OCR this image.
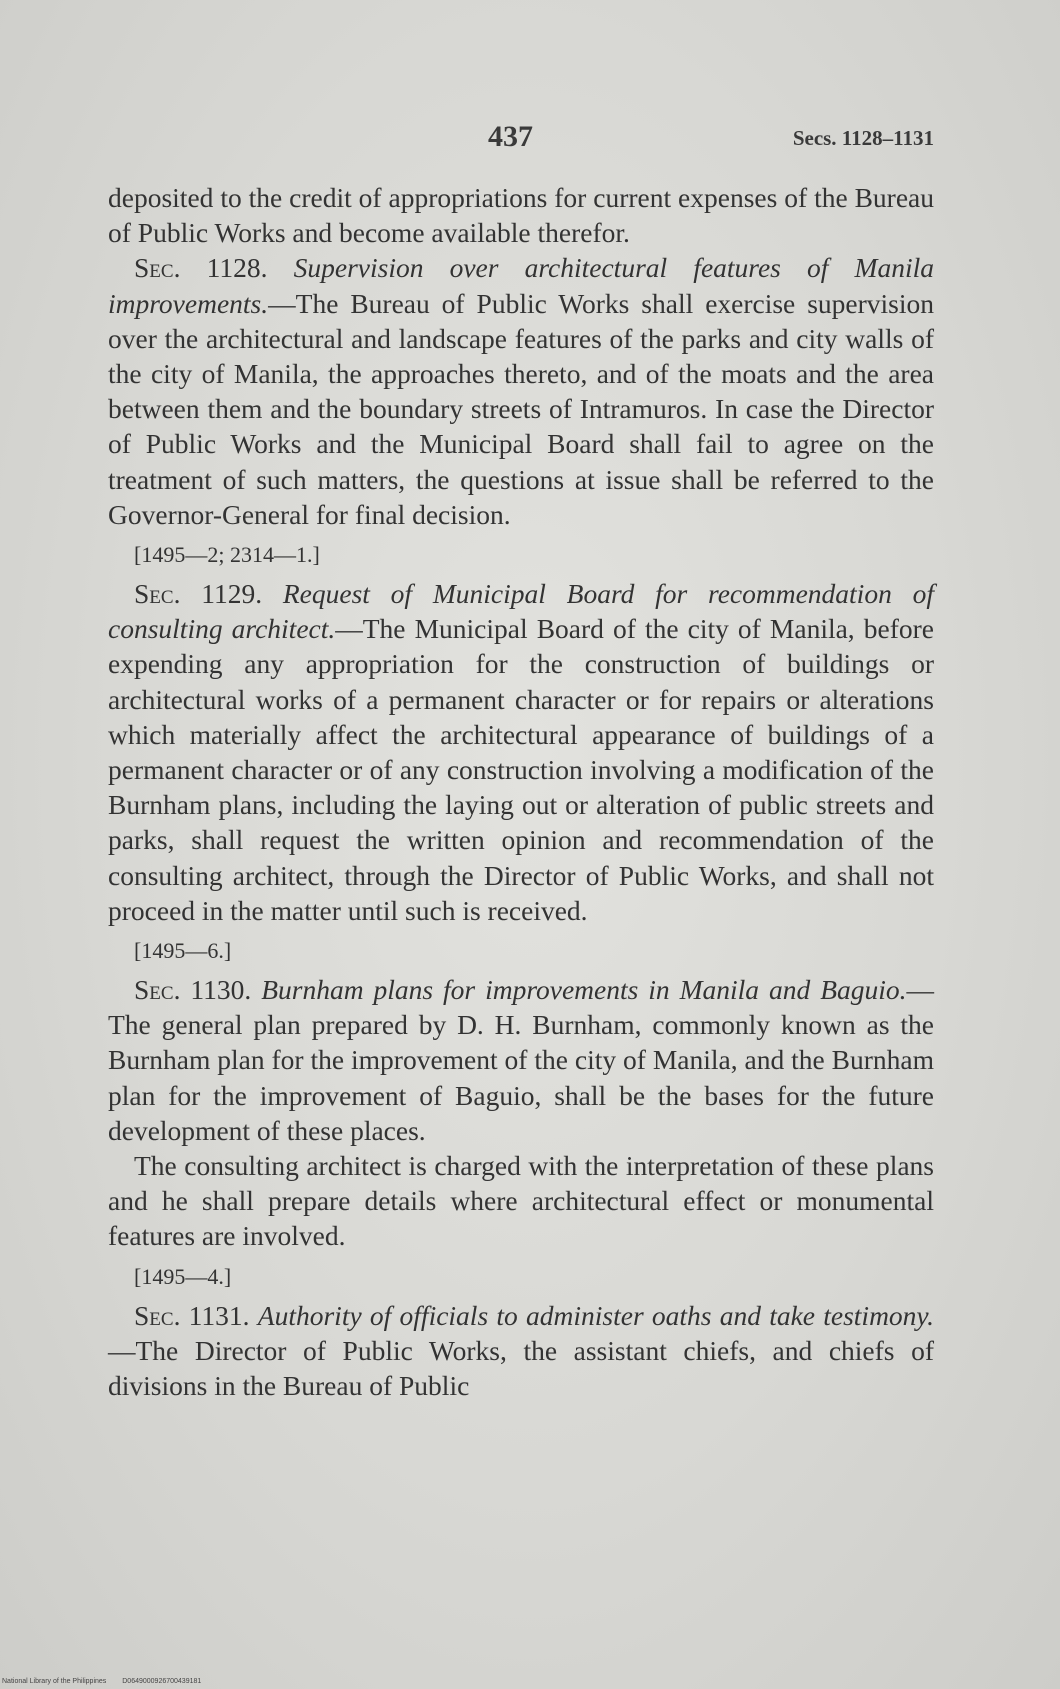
437	Secs. 1128–1131

deposited to the credit of appropriations for current expenses of the Bureau of Public Works and become available therefor.

Sec. 1128. Supervision over architectural features of Manila improvements.—The Bureau of Public Works shall exercise supervision over the architectural and landscape features of the parks and city walls of the city of Manila, the approaches thereto, and of the moats and the area between them and the boundary streets of Intramuros. In case the Director of Public Works and the Municipal Board shall fail to agree on the treatment of such matters, the questions at issue shall be referred to the Governor-General for final decision.

[1495—2; 2314—1.]

Sec. 1129. Request of Municipal Board for recommendation of consulting architect.—The Municipal Board of the city of Manila, before expending any appropriation for the construction of buildings or architectural works of a permanent character or for repairs or alterations which materially affect the architectural appearance of buildings of a permanent character or of any construction involving a modification of the Burnham plans, including the laying out or alteration of public streets and parks, shall request the written opinion and recommendation of the consulting architect, through the Director of Public Works, and shall not proceed in the matter until such is received.

[1495—6.]

Sec. 1130. Burnham plans for improvements in Manila and Baguio.—The general plan prepared by D. H. Burnham, commonly known as the Burnham plan for the improvement of the city of Manila, and the Burnham plan for the improvement of Baguio, shall be the bases for the future development of these places.

The consulting architect is charged with the interpretation of these plans and he shall prepare details where architectural effect or monumental features are involved.

[1495—4.]

Sec. 1131. Authority of officials to administer oaths and take testimony.—The Director of Public Works, the assistant chiefs, and chiefs of divisions in the Bureau of Public

National Library of the Philippines D0649000926700439181
